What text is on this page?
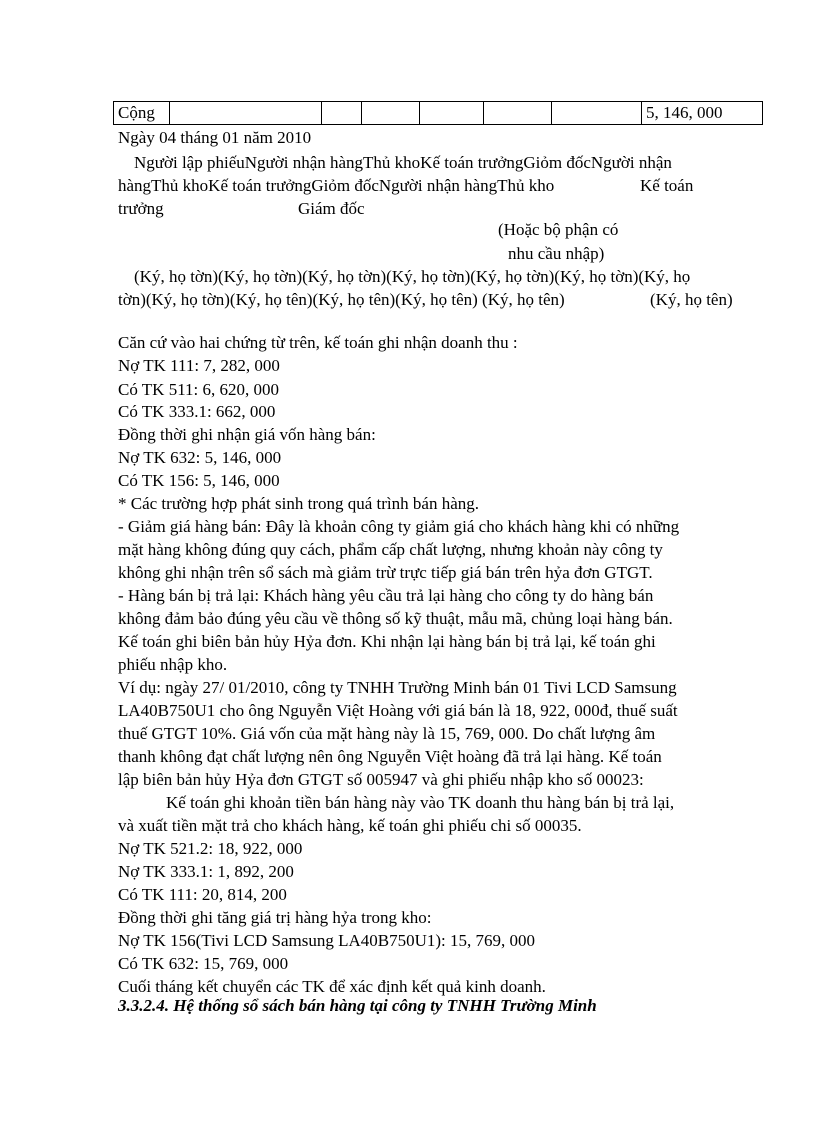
Cộng							5, 146, 000
Ngày 04 tháng 01 năm 2010
Người lập phiếuNgười nhận hàngThủ khoKế toán trưởngGiỏm đốcNgười nhận
hàngThủ khoKế toán trưởngGiỏm đốcNgười nhận hàngThủ kho	Kế toán
trưởng	Giám đốc
(Hoặc bộ phận có
nhu cầu nhập)
(Ký, họ tờn)(Ký, họ tờn)(Ký, họ tờn)(Ký, họ tờn)(Ký, họ tờn)(Ký, họ tờn)(Ký, họ
tờn)(Ký, họ tờn)(Ký, họ tên)(Ký, họ tên)(Ký, họ tên) (Ký, họ tên)	(Ký, họ tên)
Căn cứ vào hai chứng từ trên, kế toán ghi nhận doanh thu :
Nợ TK 111: 7, 282, 000
Có TK 511: 6, 620, 000
Có TK 333.1: 662, 000
Đồng thời ghi nhận giá vốn hàng bán:
Nợ TK 632: 5, 146, 000
Có TK 156: 5, 146, 000
* Các trường hợp phát sinh trong quá trình bán hàng.
- Giảm giá hàng bán: Đây là khoản công ty giảm giá cho khách hàng khi có những
mặt hàng không đúng quy cách, phẩm cấp chất lượng, nhưng khoản này công ty
không ghi nhận trên sổ sách mà giảm trừ trực tiếp giá bán trên hỷa đơn GTGT.
- Hàng bán bị trả lại: Khách hàng yêu cầu trả lại hàng cho công ty do hàng bán
không đảm bảo đúng yêu cầu về thông số kỹ thuật, mẫu mã, chủng loại hàng bán.
Kế toán ghi biên bản hủy Hỷa đơn. Khi nhận lại hàng bán bị trả lại, kế toán ghi
phiếu nhập kho.
Ví dụ: ngày 27/ 01/2010, công ty TNHH Trường Minh bán 01 Tivi LCD Samsung
LA40B750U1 cho ông Nguyễn Việt Hoàng với giá bán là 18, 922, 000đ, thuế suất
thuế GTGT 10%. Giá vốn của mặt hàng này là 15, 769, 000. Do chất lượng âm
thanh không đạt chất lượng nên ông Nguyễn Việt hoàng đã trả lại hàng. Kế toán
lập biên bản hủy Hỷa đơn GTGT số 005947 và ghi phiếu nhập kho số 00023:
Kế toán ghi khoản tiền bán hàng này vào TK doanh thu hàng bán bị trả lại,
và xuất tiền mặt trả cho khách hàng, kế toán ghi phiếu chi số 00035.
Nợ TK 521.2: 18, 922, 000
Nợ TK 333.1: 1, 892, 200
Có TK 111: 20, 814, 200
Đồng thời ghi tăng giá trị hàng hỷa trong kho:
Nợ TK 156(Tivi LCD Samsung LA40B750U1): 15, 769, 000
Có TK 632: 15, 769, 000
Cuối tháng kết chuyển các TK để xác định kết quả kinh doanh.
3.3.2.4. Hệ thống sổ sách bán hàng tại công ty TNHH Trường Minh
